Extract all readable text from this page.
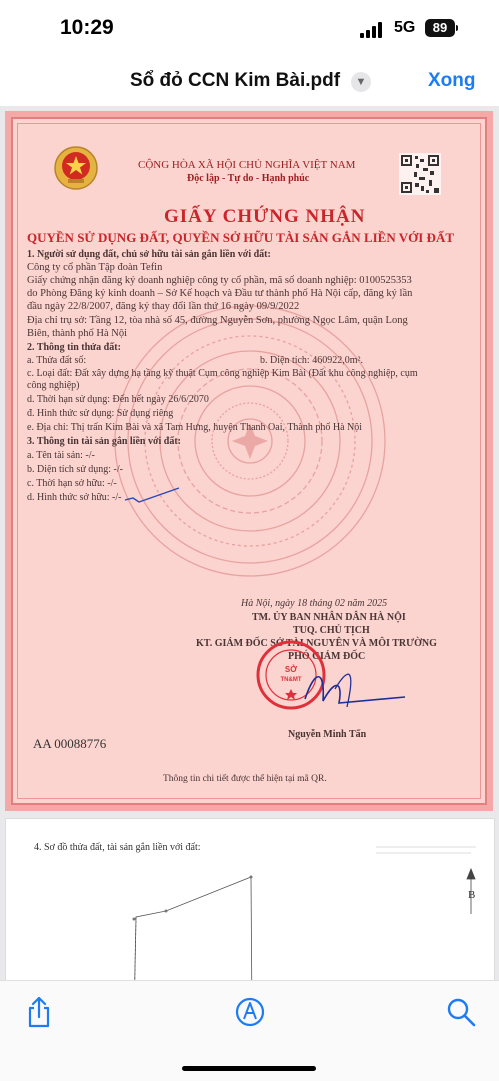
10:29	5G	89
Sổ đỏ CCN Kim Bài.pdf	▼	Xong
CỘNG HÒA XÃ HỘI CHỦ NGHĨA VIỆT NAM
Độc lập - Tự do - Hạnh phúc
GIẤY CHỨNG NHẬN
QUYỀN SỬ DỤNG ĐẤT, QUYỀN SỞ HỮU TÀI SẢN GẮN LIỀN VỚI ĐẤT
1. Người sử dụng đất, chủ sở hữu tài sản gắn liền với đất:
Công ty cổ phần Tập đoàn Tefin
Giấy chứng nhận đăng ký doanh nghiệp công ty cổ phần, mã số doanh nghiệp: 0100525353
do Phòng Đăng ký kinh doanh – Sở Kế hoạch và Đầu tư thành phố Hà Nội cấp, đăng ký lần
đầu ngày 22/8/2007, đăng ký thay đổi lần thứ 16 ngày 09/9/2022
Địa chỉ trụ sở: Tầng 12, tòa nhà số 45, đường Nguyễn Sơn, phường Ngọc Lâm, quận Long
Biên, thành phố Hà Nội
2. Thông tin thửa đất:
a. Thửa đất số:	b. Diện tích: 460922,0m².
c. Loại đất: Đất xây dựng hạ tầng kỹ thuật Cụm công nghiệp Kim Bài (Đất khu công nghiệp, cụm
công nghiệp)
d. Thời hạn sử dụng: Đến hết ngày 26/6/2070
đ. Hình thức sử dụng: Sử dụng riêng
e. Địa chỉ: Thị trấn Kim Bài và xã Tam Hưng, huyện Thanh Oai, Thành phố Hà Nội
3. Thông tin tài sản gắn liền với đất:
a. Tên tài sản: -/-
b. Diện tích sử dụng: -/-
c. Thời hạn sở hữu: -/-
d. Hình thức sở hữu: -/-
Hà Nội, ngày 18 tháng 02 năm 2025
TM. ỦY BAN NHÂN DÂN HÀ NỘI
TUQ. CHỦ TỊCH
KT. GIÁM ĐỐC SỞ TÀI NGUYÊN VÀ MÔI TRƯỜNG
PHÓ GIÁM ĐỐC
SỞ
TN&MT
Nguyễn Minh Tấn
AA 00088776
Thông tin chi tiết được thể hiện tại mã QR.
4. Sơ đồ thửa đất, tài sản gắn liền với đất:
B
